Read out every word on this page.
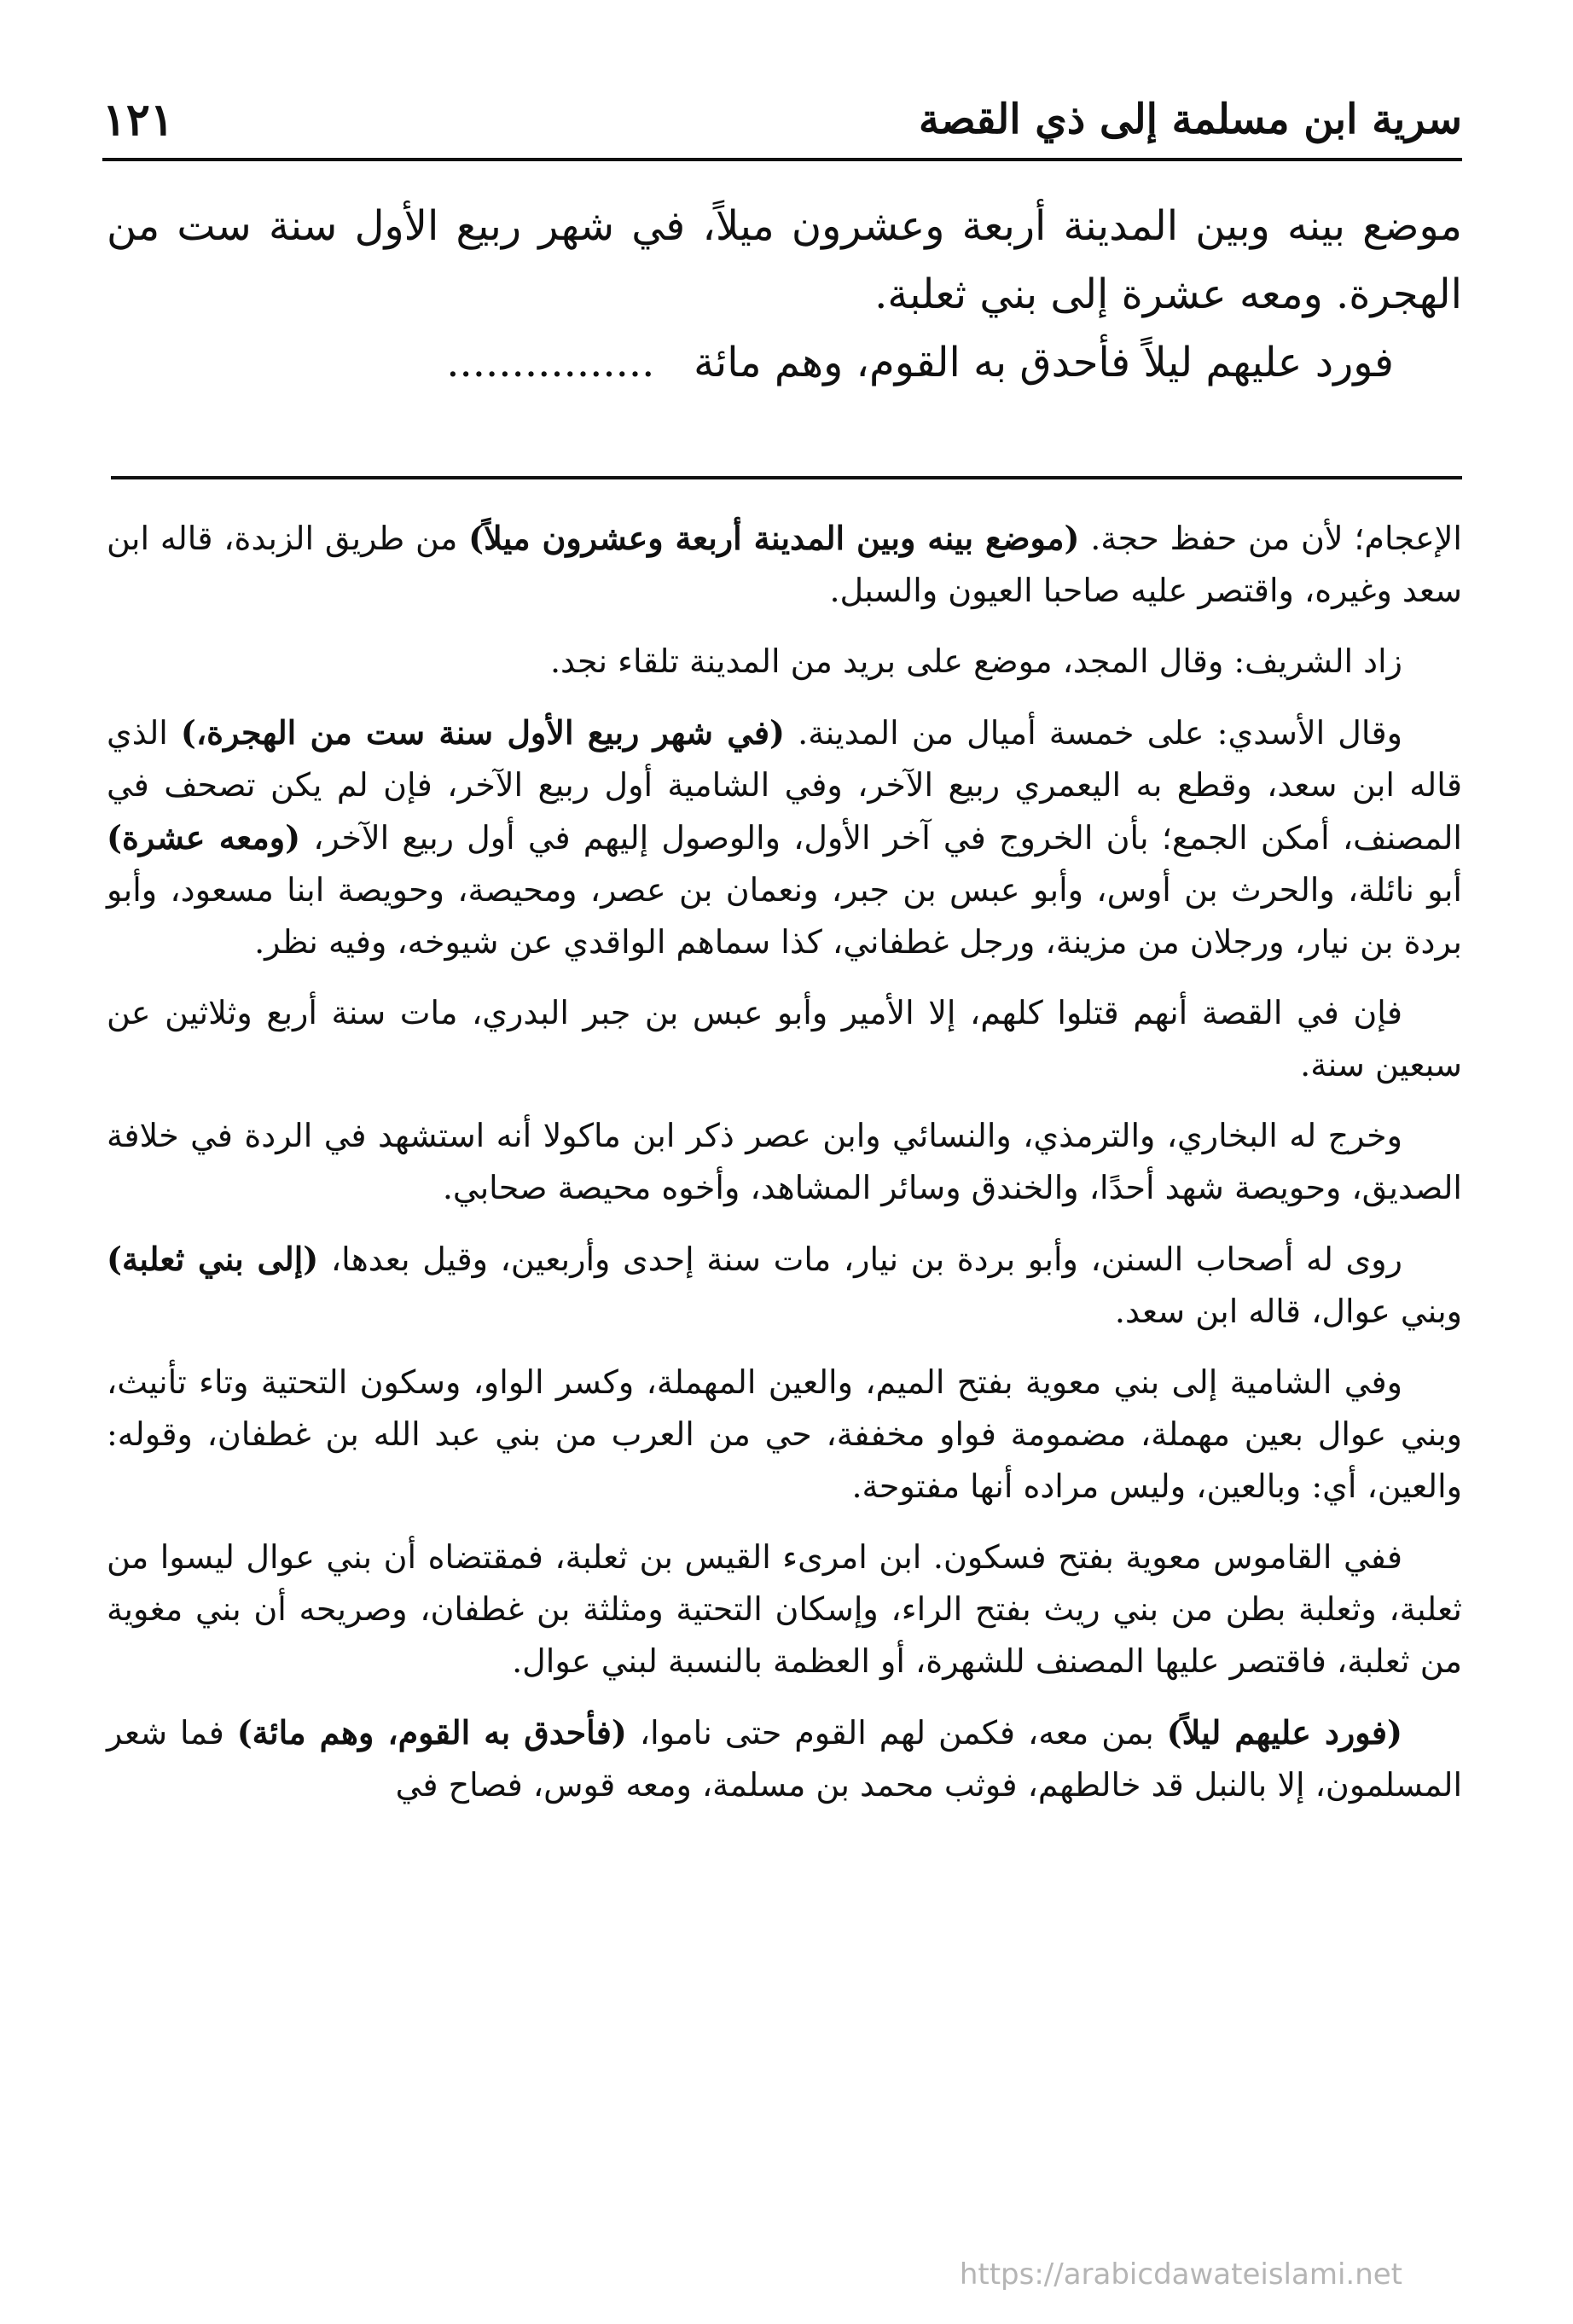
سرية ابن مسلمة إلى ذي القصة
١٢١

موضع بينه وبين المدينة أربعة وعشرون ميلاً، في شهر ربيع الأول سنة ست من الهجرة. ومعه عشرة إلى بني ثعلبة.

فورد عليهم ليلاً فأحدق به القوم، وهم مائة   ................

الإعجام؛ لأن من حفظ حجة. (موضع بينه وبين المدينة أربعة وعشرون ميلاً) من طريق الزبدة، قاله ابن سعد وغيره، واقتصر عليه صاحبا العيون والسبل.

زاد الشريف: وقال المجد، موضع على بريد من المدينة تلقاء نجد.

وقال الأسدي: على خمسة أميال من المدينة. (في شهر ربيع الأول سنة ست من الهجرة،) الذي قاله ابن سعد، وقطع به اليعمري ربيع الآخر، وفي الشامية أول ربيع الآخر، فإن لم يكن تصحف في المصنف، أمكن الجمع؛ بأن الخروج في آخر الأول، والوصول إليهم في أول ربيع الآخر، (ومعه عشرة) أبو نائلة، والحرث بن أوس، وأبو عبس بن جبر، ونعمان بن عصر، ومحيصة، وحويصة ابنا مسعود، وأبو بردة بن نيار، ورجلان من مزينة، ورجل غطفاني، كذا سماهم الواقدي عن شيوخه، وفيه نظر.

فإن في القصة أنهم قتلوا كلهم، إلا الأمير وأبو عبس بن جبر البدري، مات سنة أربع وثلاثين عن سبعين سنة.

وخرج له البخاري، والترمذي، والنسائي وابن عصر ذكر ابن ماكولا أنه استشهد في الردة في خلافة الصديق، وحويصة شهد أحدًا، والخندق وسائر المشاهد، وأخوه محيصة صحابي.

روى له أصحاب السنن، وأبو بردة بن نيار، مات سنة إحدى وأربعين، وقيل بعدها، (إلى بني ثعلبة) وبني عوال، قاله ابن سعد.

وفي الشامية إلى بني معوية بفتح الميم، والعين المهملة، وكسر الواو، وسكون التحتية وتاء تأنيث، وبني عوال بعين مهملة، مضمومة فواو مخففة، حي من العرب من بني عبد الله بن غطفان، وقوله: والعين، أي: وبالعين، وليس مراده أنها مفتوحة.

ففي القاموس معوية بفتح فسكون. ابن امرىء القيس بن ثعلبة، فمقتضاه أن بني عوال ليسوا من ثعلبة، وثعلبة بطن من بني ريث بفتح الراء، وإسكان التحتية ومثلثة بن غطفان، وصريحه أن بني مغوية من ثعلبة، فاقتصر عليها المصنف للشهرة، أو العظمة بالنسبة لبني عوال.

(فورد عليهم ليلاً) بمن معه، فكمن لهم القوم حتى ناموا، (فأحدق به القوم، وهم مائة) فما شعر المسلمون، إلا بالنبل قد خالطهم، فوثب محمد بن مسلمة، ومعه قوس، فصاح في

https://arabicdawateislami.net
